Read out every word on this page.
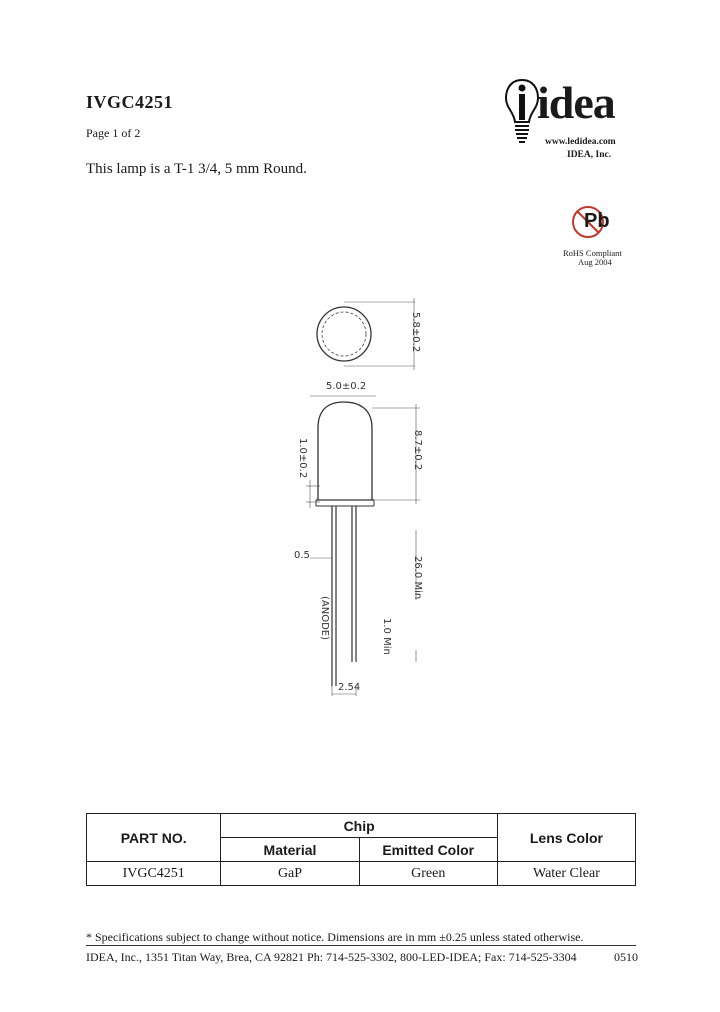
IVGC4251
Page 1 of 2
This lamp is a T-1 3/4, 5 mm Round.
idea
www.ledidea.com
IDEA, Inc.
Pb
RoHS Compliant
Aug 2004
5.8±0.2
5.0±0.2
8.7±0.2
1.0±0.2
0.5
26.0 Min
(ANODE)	1.0 Min
2.54
PART NO.	Chip		Lens Color
	Material	Emitted Color	
IVGC4251	GaP	Green	Water Clear
* Specifications subject to change without notice. Dimensions are in mm ±0.25 unless stated otherwise.
IDEA, Inc., 1351 Titan Way, Brea, CA 92821 Ph: 714-525-3302, 800-LED-IDEA; Fax: 714-525-3304	0510
